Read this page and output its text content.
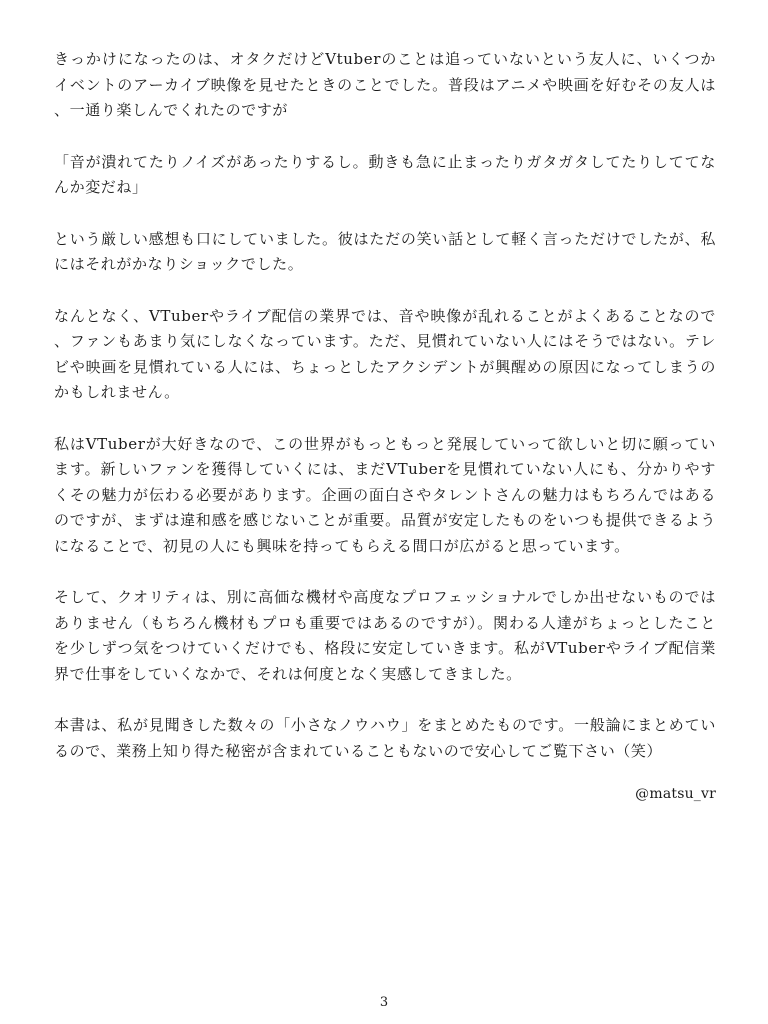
きっかけになったのは、オタクだけどVtuberのことは追っていないという友人に、いくつかイベントのアーカイブ映像を見せたときのことでした。普段はアニメや映画を好むその友人は、一通り楽しんでくれたのですが

「音が潰れてたりノイズがあったりするし。動きも急に止まったりガタガタしてたりしててなんか変だね」

という厳しい感想も口にしていました。彼はただの笑い話として軽く言っただけでしたが、私にはそれがかなりショックでした。

なんとなく、VTuberやライブ配信の業界では、音や映像が乱れることがよくあることなので、ファンもあまり気にしなくなっています。ただ、見慣れていない人にはそうではない。テレビや映画を見慣れている人には、ちょっとしたアクシデントが興醒めの原因になってしまうのかもしれません。

私はVTuberが大好きなので、この世界がもっともっと発展していって欲しいと切に願っています。新しいファンを獲得していくには、まだVTuberを見慣れていない人にも、分かりやすくその魅力が伝わる必要があります。企画の面白さやタレントさんの魅力はもちろんではあるのですが、まずは違和感を感じないことが重要。品質が安定したものをいつも提供できるようになることで、初見の人にも興味を持ってもらえる間口が広がると思っています。

そして、クオリティは、別に高価な機材や高度なプロフェッショナルでしか出せないものではありません（もちろん機材もプロも重要ではあるのですが）。関わる人達がちょっとしたことを少しずつ気をつけていくだけでも、格段に安定していきます。私がVTuberやライブ配信業界で仕事をしていくなかで、それは何度となく実感してきました。

本書は、私が見聞きした数々の「小さなノウハウ」をまとめたものです。一般論にまとめているので、業務上知り得た秘密が含まれていることもないので安心してご覧下さい（笑）

@matsu_vr

3
